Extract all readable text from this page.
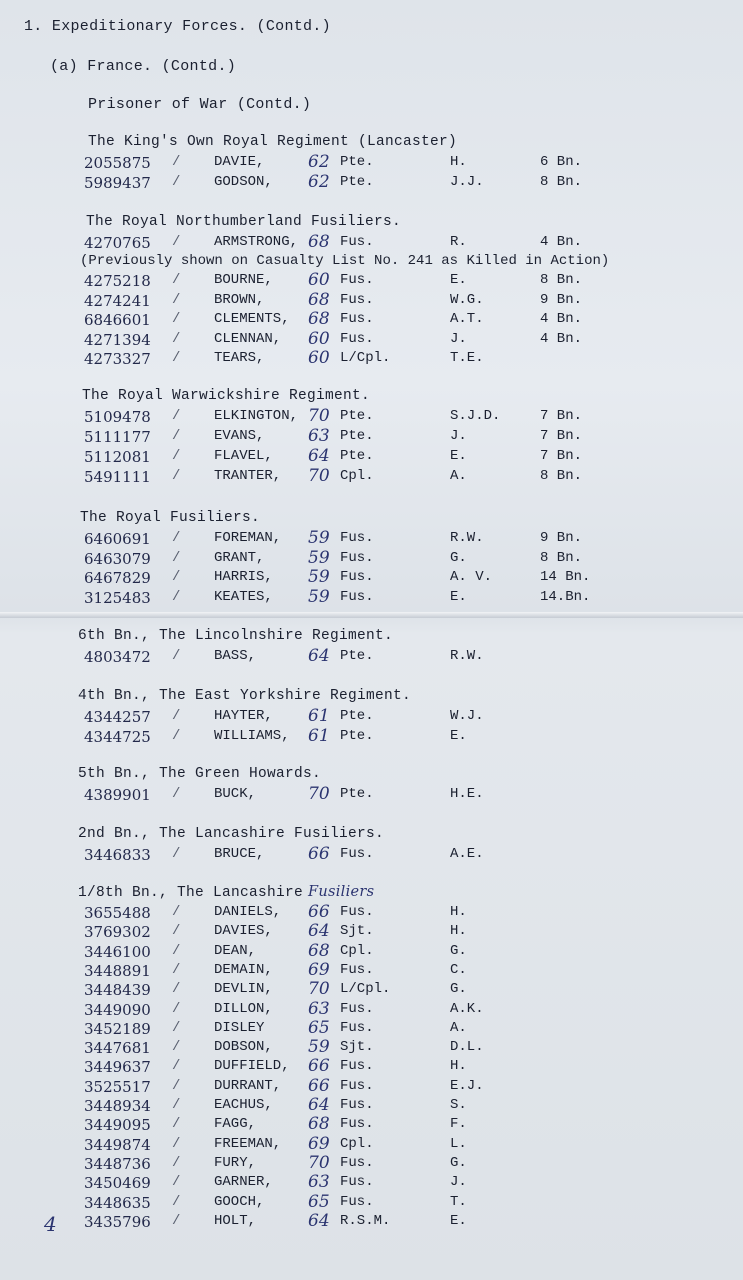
1. Expeditionary Forces. (Contd.)
(a) France. (Contd.)
Prisoner of War (Contd.)
The King's Own Royal Regiment (Lancaster)
2055875 / DAVIE,	62 Pte.	H.	6 Bn.
5989437 / GODSON, 62 Pte.	J.J.	8 Bn.
The Royal Northumberland Fusiliers.
4270765 / ARMSTRONG, 68 Fus.	R.	4 Bn.
(Previously shown on Casualty List No. 241 as Killed in Action)
4275218 / BOURNE, 60 Fus.	E.	8 Bn.
4274241 / BROWN,	68 Fus.	W.G.	9 Bn.
6846601 / CLEMENTS, 68 Fus.	A.T.	4 Bn.
4271394 / CLENNAN, 60 Fus.	J.	4 Bn.
4273327 / TEARS,	60 L/Cpl.	T.E.
The Royal Warwickshire Regiment.
5109478 / ELKINGTON, 70 Pte.	S.J.D.	7 Bn.
5111177 / EVANS,	63 Pte.	J.	7 Bn.
5112081 / FLAVEL, 64 Pte.	E.	7 Bn.
5491111 / TRANTER, 70 Cpl.	A.	8 Bn.
The Royal Fusiliers.
6460691 / FOREMAN, 59 Fus.	R.W.	9 Bn.
6463079 / GRANT,	59 Fus.	G.	8 Bn.
6467829 / HARRIS, 59 Fus.	A. V.	14 Bn.
3125483 / KEATES, 59 Fus.	E.	14.Bn.
6th Bn., The Lincolnshire Regiment.
4803472 / BASS,	64 Pte.	R.W.
4th Bn., The East Yorkshire Regiment.
4344257 / HAYTER, 61 Pte.	W.J.
4344725 / WILLIAMS, 61 Pte.	E.
5th Bn., The Green Howards.
4389901 / BUCK,	70 Pte.	H.E.
2nd Bn., The Lancashire Fusiliers.
3446833 / BRUCE,	66 Fus.	A.E.
1/8th Bn., The Lancashire Fusiliers
3655488 / DANIELS, 66 Fus.	H.
3769302 / DAVIES, 64 Sjt.	H.
3446100 / DEAN,	68 Cpl.	G.
3448891 / DEMAIN, 69 Fus.	C.
3448439 / DEVLIN, 70 L/Cpl.	G.
3449090 / DILLON, 63 Fus.	A.K.
3452189 / DISLEY	65 Fus.	A.
3447681 / DOBSON, 59 Sjt.	D.L.
3449637 / DUFFIELD, 66 Fus.	H.
3525517 / DURRANT, 66 Fus.	E.J.
3448934 / EACHUS, 64 Fus.	S.
3449095 / FAGG,	68 Fus.	F.
3449874 / FREEMAN, 69 Cpl.	L.
3448736 / FURY,	70 Fus.	G.
3450469 / GARNER, 63 Fus.	J.
3448635 / GOOCH,	65 Fus.	T.
3435796 / HOLT,	64 R.S.M.	E.
4
